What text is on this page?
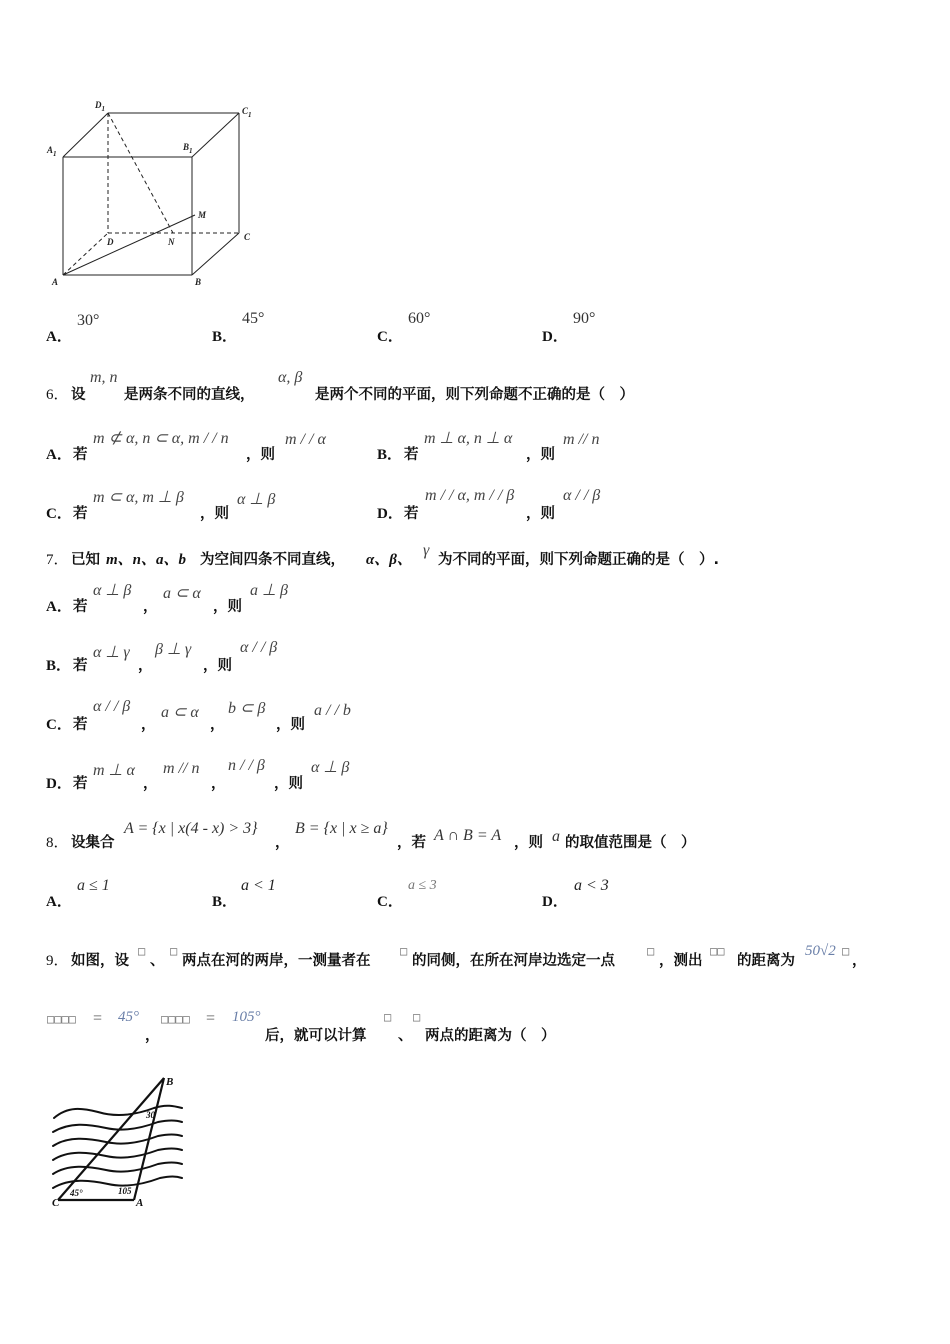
$D_1$	$C_1$
$A_1$
$B_1$
M
D	N	C
A	B
A．
30°
B．
45°
C．
60°
D．
90°
6． 设
m, n
是两条不同的直线，
α, β
是两个不同的平面，则下列命题不正确的是（　）
A． 若
m ⊄ α, n ⊂ α, m / / n
，则
m / / α
B． 若
m ⊥ α, n ⊥ α
，则
m // n
C． 若
m ⊂ α, m ⊥ β
，则
α ⊥ β
D． 若
m / / α, m / / β
，则
α / / β
7． 已知 m、n、a、b 为空间四条不同直线， α、β、
γ
为不同的平面，则下列命题正确的是（　）.
A． 若
α ⊥ β
，
a ⊂ α
，则
a ⊥ β
B． 若
α ⊥ γ
，
β ⊥ γ
，则
α / / β
C． 若
α / / β
，
a ⊂ α
，
b ⊂ β
，则
a / / b
D． 若
m ⊥ α
，
m // n
，
n / / β
，则
α ⊥ β
8． 设集合
A = {x | x(4 - x) > 3}
，
B = {x | x ≥ a}
，若 A ∩ B = A ，则 a 的取值范围是（　）
A．
a ≤ 1
B．
a < 1
C．
a ≤ 3
D．
a < 3
9． 如图，设
□
、
□
两点在河的两岸，一测量者在
□
的同侧，在所在河岸边选定一点
□
，测出
□□
的距离为
50√2 □
，
□□□□ = 45°
，
□□□□ = 105°
后，就可以计算
□
、
□
两点的距离为（　）
B
C	A
45°	105
30
